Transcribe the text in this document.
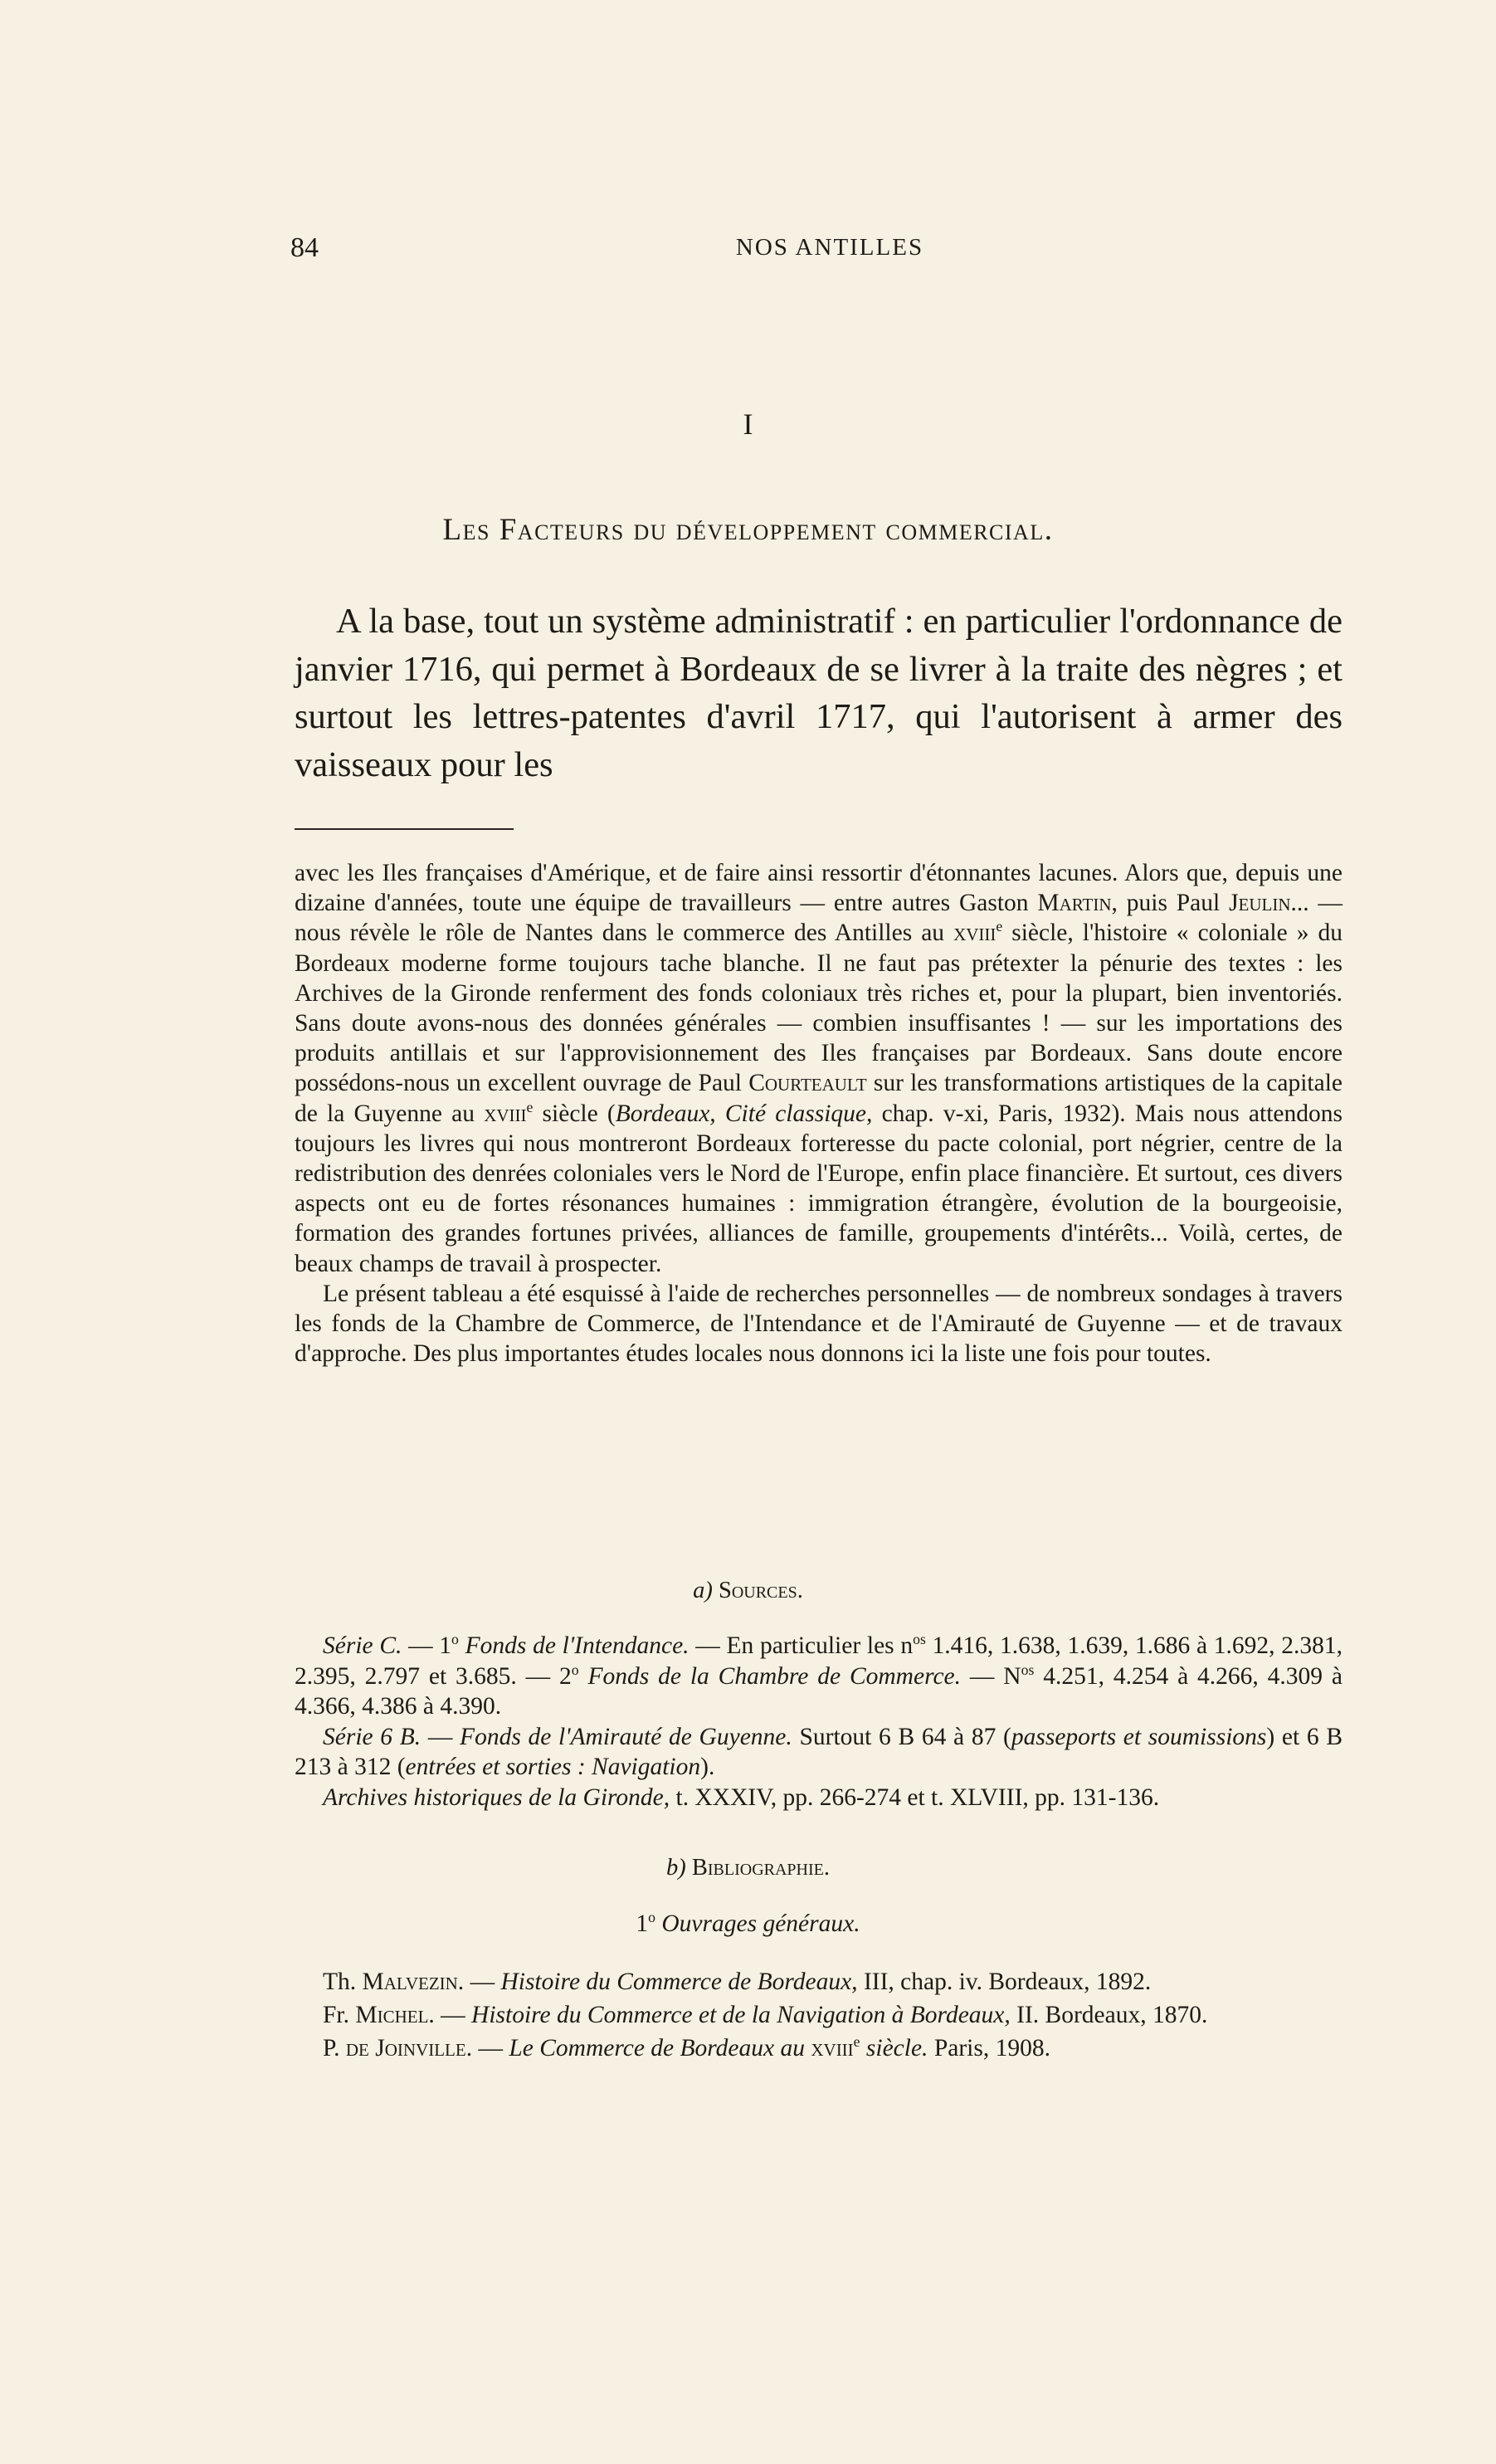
84	NOS ANTILLES
I
Les Facteurs du développement commercial.

A la base, tout un système administratif : en particulier l'ordonnance de janvier 1716, qui permet à Bordeaux de se livrer à la traite des nègres ; et surtout les lettres-patentes d'avril 1717, qui l'autorisent à armer des vaisseaux pour les

avec les Iles françaises d'Amérique, et de faire ainsi ressortir d'étonnantes lacunes. Alors que, depuis une dizaine d'années, toute une équipe de travailleurs — entre autres Gaston Martin, puis Paul Jeulin... — nous révèle le rôle de Nantes dans le commerce des Antilles au xviii$^e$ siècle, l'histoire « coloniale » du Bordeaux moderne forme toujours tache blanche. Il ne faut pas prétexter la pénurie des textes : les Archives de la Gironde renferment des fonds coloniaux très riches et, pour la plupart, bien inventoriés. Sans doute avons-nous des données générales — combien insuffisantes ! — sur les importations des produits antillais et sur l'approvisionnement des Iles françaises par Bordeaux. Sans doute encore possédons-nous un excellent ouvrage de Paul Courteault sur les transformations artistiques de la capitale de la Guyenne au xviii$^e$ siècle (Bordeaux, Cité classique, chap. v-xi, Paris, 1932). Mais nous attendons toujours les livres qui nous montreront Bordeaux forteresse du pacte colonial, port négrier, centre de la redistribution des denrées coloniales vers le Nord de l'Europe, enfin place financière. Et surtout, ces divers aspects ont eu de fortes résonances humaines : immigration étrangère, évolution de la bourgeoisie, formation des grandes fortunes privées, alliances de famille, groupements d'intérêts... Voilà, certes, de beaux champs de travail à prospecter.

Le présent tableau a été esquissé à l'aide de recherches personnelles — de nombreux sondages à travers les fonds de la Chambre de Commerce, de l'Intendance et de l'Amirauté de Guyenne — et de travaux d'approche. Des plus importantes études locales nous donnons ici la liste une fois pour toutes.

a) Sources.

Série C. — 1$^o$ Fonds de l'Intendance. — En particulier les $n^{os}$ 1.416, 1.638, 1.639, 1.686 à 1.692, 2.381, 2.395, 2.797 et 3.685. — 2$^o$ Fonds de la Chambre de Commerce. — $N^{os}$ 4.251, 4.254 à 4.266, 4.309 à 4.366, 4.386 à 4.390.

Série 6 B. — Fonds de l'Amirauté de Guyenne. Surtout 6 B 64 à 87 (passeports et soumissions) et 6 B 213 à 312 (entrées et sorties : Navigation).

Archives historiques de la Gironde, t. XXXIV, pp. 266-274 et t. XLVIII, pp. 131-136.

b) Bibliographie.
1$^o$ Ouvrages généraux.

Th. Malvezin. — Histoire du Commerce de Bordeaux, III, chap. iv. Bordeaux, 1892.

Fr. Michel. — Histoire du Commerce et de la Navigation à Bordeaux, II. Bordeaux, 1870.

P. de Joinville. — Le Commerce de Bordeaux au xviii$^e$ siècle. Paris, 1908.
